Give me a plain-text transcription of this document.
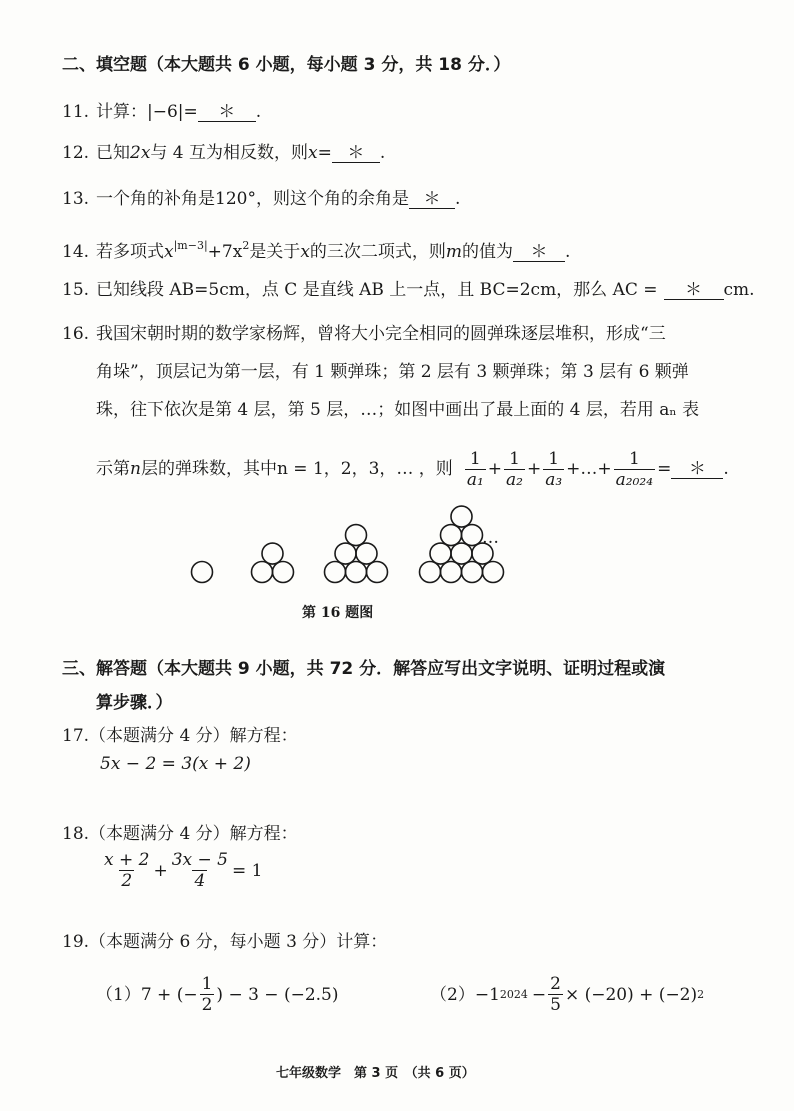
二、填空题（本大题共 6 小题，每小题 3 分，共 18 分．）
11. 计算：|−6|= ＊ .
12. 已知2x与 4 互为相反数，则x= ＊ .
13. 一个角的补角是120°，则这个角的余角是 ＊ .
14. 若多项式$x^{|m-3|}+7x^2$是关于x的三次二项式，则m的值为 ＊ .
15. 已知线段 AB=5cm，点 C 是直线 AB 上一点，且 BC=2cm，那么 AC = ＊ cm.
16. 我国宋朝时期的数学家杨辉，曾将大小完全相同的圆弹珠逐层堆积，形成“三
角垛”，顶层记为第一层，有 1 颗弹珠；第 2 层有 3 颗弹珠；第 3 层有 6 颗弹
珠，往下依次是第 4 层，第 5 层，…；如图中画出了最上面的 4 层，若用 aₙ 表
示第 n 层的弹珠数，其中 n = 1，2，3，… ，则 $\frac{1}{\text{a₁}} + \frac{1}{\text{a₂}} + \frac{1}{\text{a₃}}$ +…+ $\frac{1}{\text{a₂₀₂₄}}$ =	＊	.
…
第 16 题图
三、解答题（本大题共 9 小题，共 72 分．解答应写出文字说明、证明过程或演
算步骤．）
17.（本题满分 4 分）解方程：
5x − 2 = 3(x + 2)
18.（本题满分 4 分）解方程：
$\frac{x + 2}{2} + \frac{3x - 5}{4} = 1$
19.（本题满分 6 分，每小题 3 分）计算：
（1） 7 + (− $\frac{1}{2}$ ) − 3 − (−2.5)	（2） −1 $2024 - \frac{2}{5} \times (-20) + (-2)$ 2
七年级数学　第 3 页　（共 6 页）
